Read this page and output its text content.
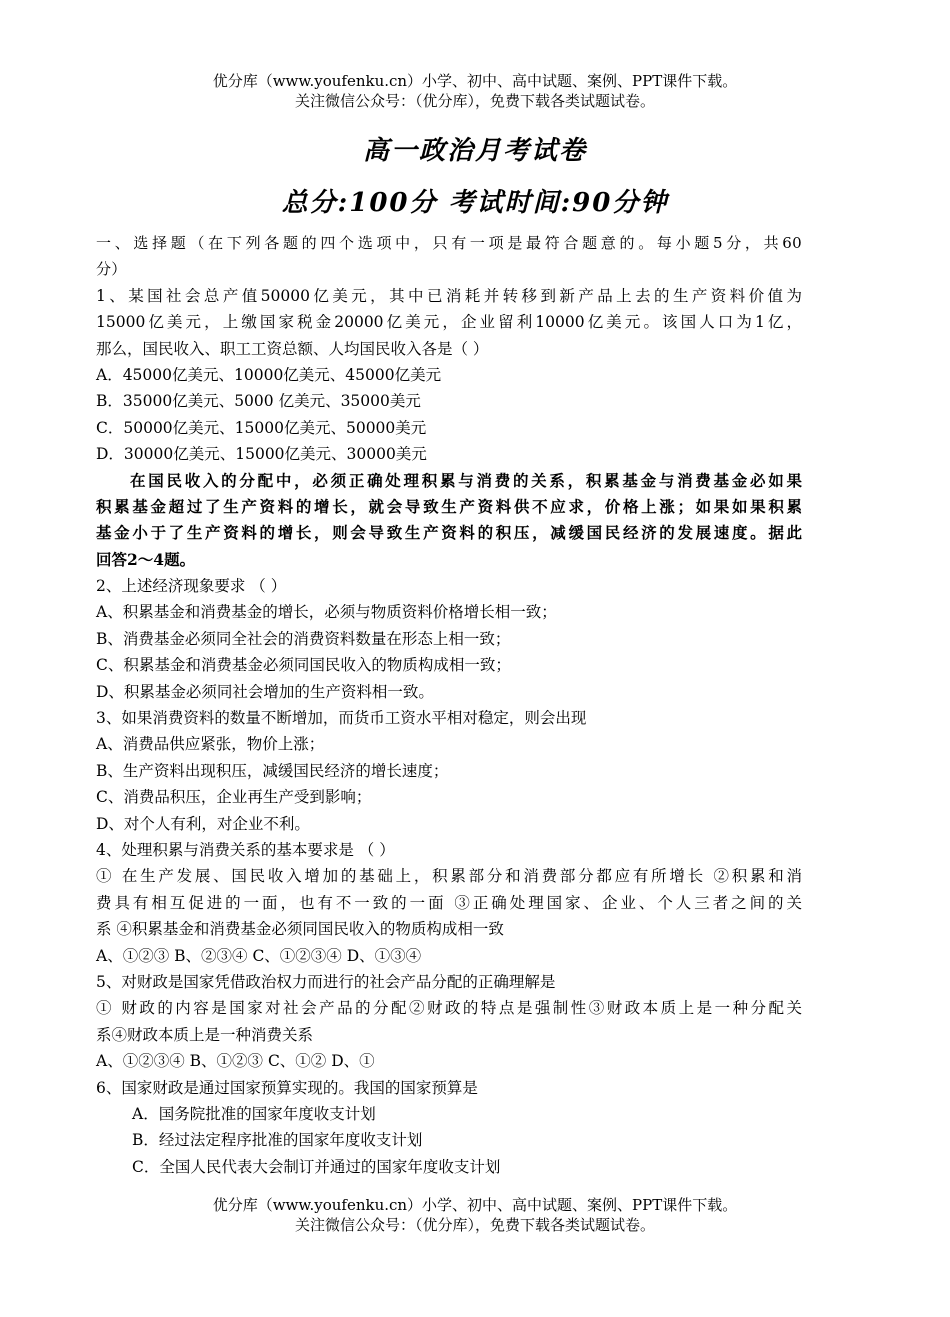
优分库（www.youfenku.cn）小学、初中、高中试题、案例、PPT课件下载。
关注微信公众号：（优分库），免费下载各类试题试卷。
高一政治月考试卷
总分:100分 考试时间:90分钟
一、选择题（在下列各题的四个选项中，只有一项是最符合题意的。每小题5分，共60
分）
1、某国社会总产值50000亿美元，其中已消耗并转移到新产品上去的生产资料价值为
15000亿美元，上缴国家税金20000亿美元，企业留利10000亿美元。该国人口为1亿，
那么，国民收入、职工工资总额、人均国民收入各是（ ）
A．45000亿美元、10000亿美元、45000亿美元
B．35000亿美元、5000 亿美元、35000美元
C．50000亿美元、15000亿美元、50000美元
D．30000亿美元、15000亿美元、30000美元
在国民收入的分配中，必须正确处理积累与消费的关系，积累基金与消费基金必如果
积累基金超过了生产资料的增长，就会导致生产资料供不应求，价格上涨；如果如果积累
基金小于了生产资料的增长，则会导致生产资料的积压，减缓国民经济的发展速度。据此
回答2～4题。
2、上述经济现象要求 （ ）
A、积累基金和消费基金的增长，必须与物质资料价格增长相一致；
B、消费基金必须同全社会的消费资料数量在形态上相一致；
C、积累基金和消费基金必须同国民收入的物质构成相一致；
D、积累基金必须同社会增加的生产资料相一致。
3、如果消费资料的数量不断增加，而货币工资水平相对稳定，则会出现
A、消费品供应紧张，物价上涨；
B、生产资料出现积压，减缓国民经济的增长速度；
C、消费品积压，企业再生产受到影响；
D、对个人有利，对企业不利。
4、处理积累与消费关系的基本要求是 （ ）
① 在生产发展、国民收入增加的基础上，积累部分和消费部分都应有所增长 ②积累和消
费具有相互促进的一面，也有不一致的一面 ③正确处理国家、企业、个人三者之间的关
系 ④积累基金和消费基金必须同国民收入的物质构成相一致
A、①②③ B、②③④ C、①②③④ D、①③④
5、对财政是国家凭借政治权力而进行的社会产品分配的正确理解是
① 财政的内容是国家对社会产品的分配②财政的特点是强制性③财政本质上是一种分配关
系④财政本质上是一种消费关系
A、①②③④ B、①②③ C、①② D、①
6、国家财政是通过国家预算实现的。我国的国家预算是
A．国务院批准的国家年度收支计划
B．经过法定程序批准的国家年度收支计划
C．全国人民代表大会制订并通过的国家年度收支计划
优分库（www.youfenku.cn）小学、初中、高中试题、案例、PPT课件下载。
关注微信公众号：（优分库），免费下载各类试题试卷。
